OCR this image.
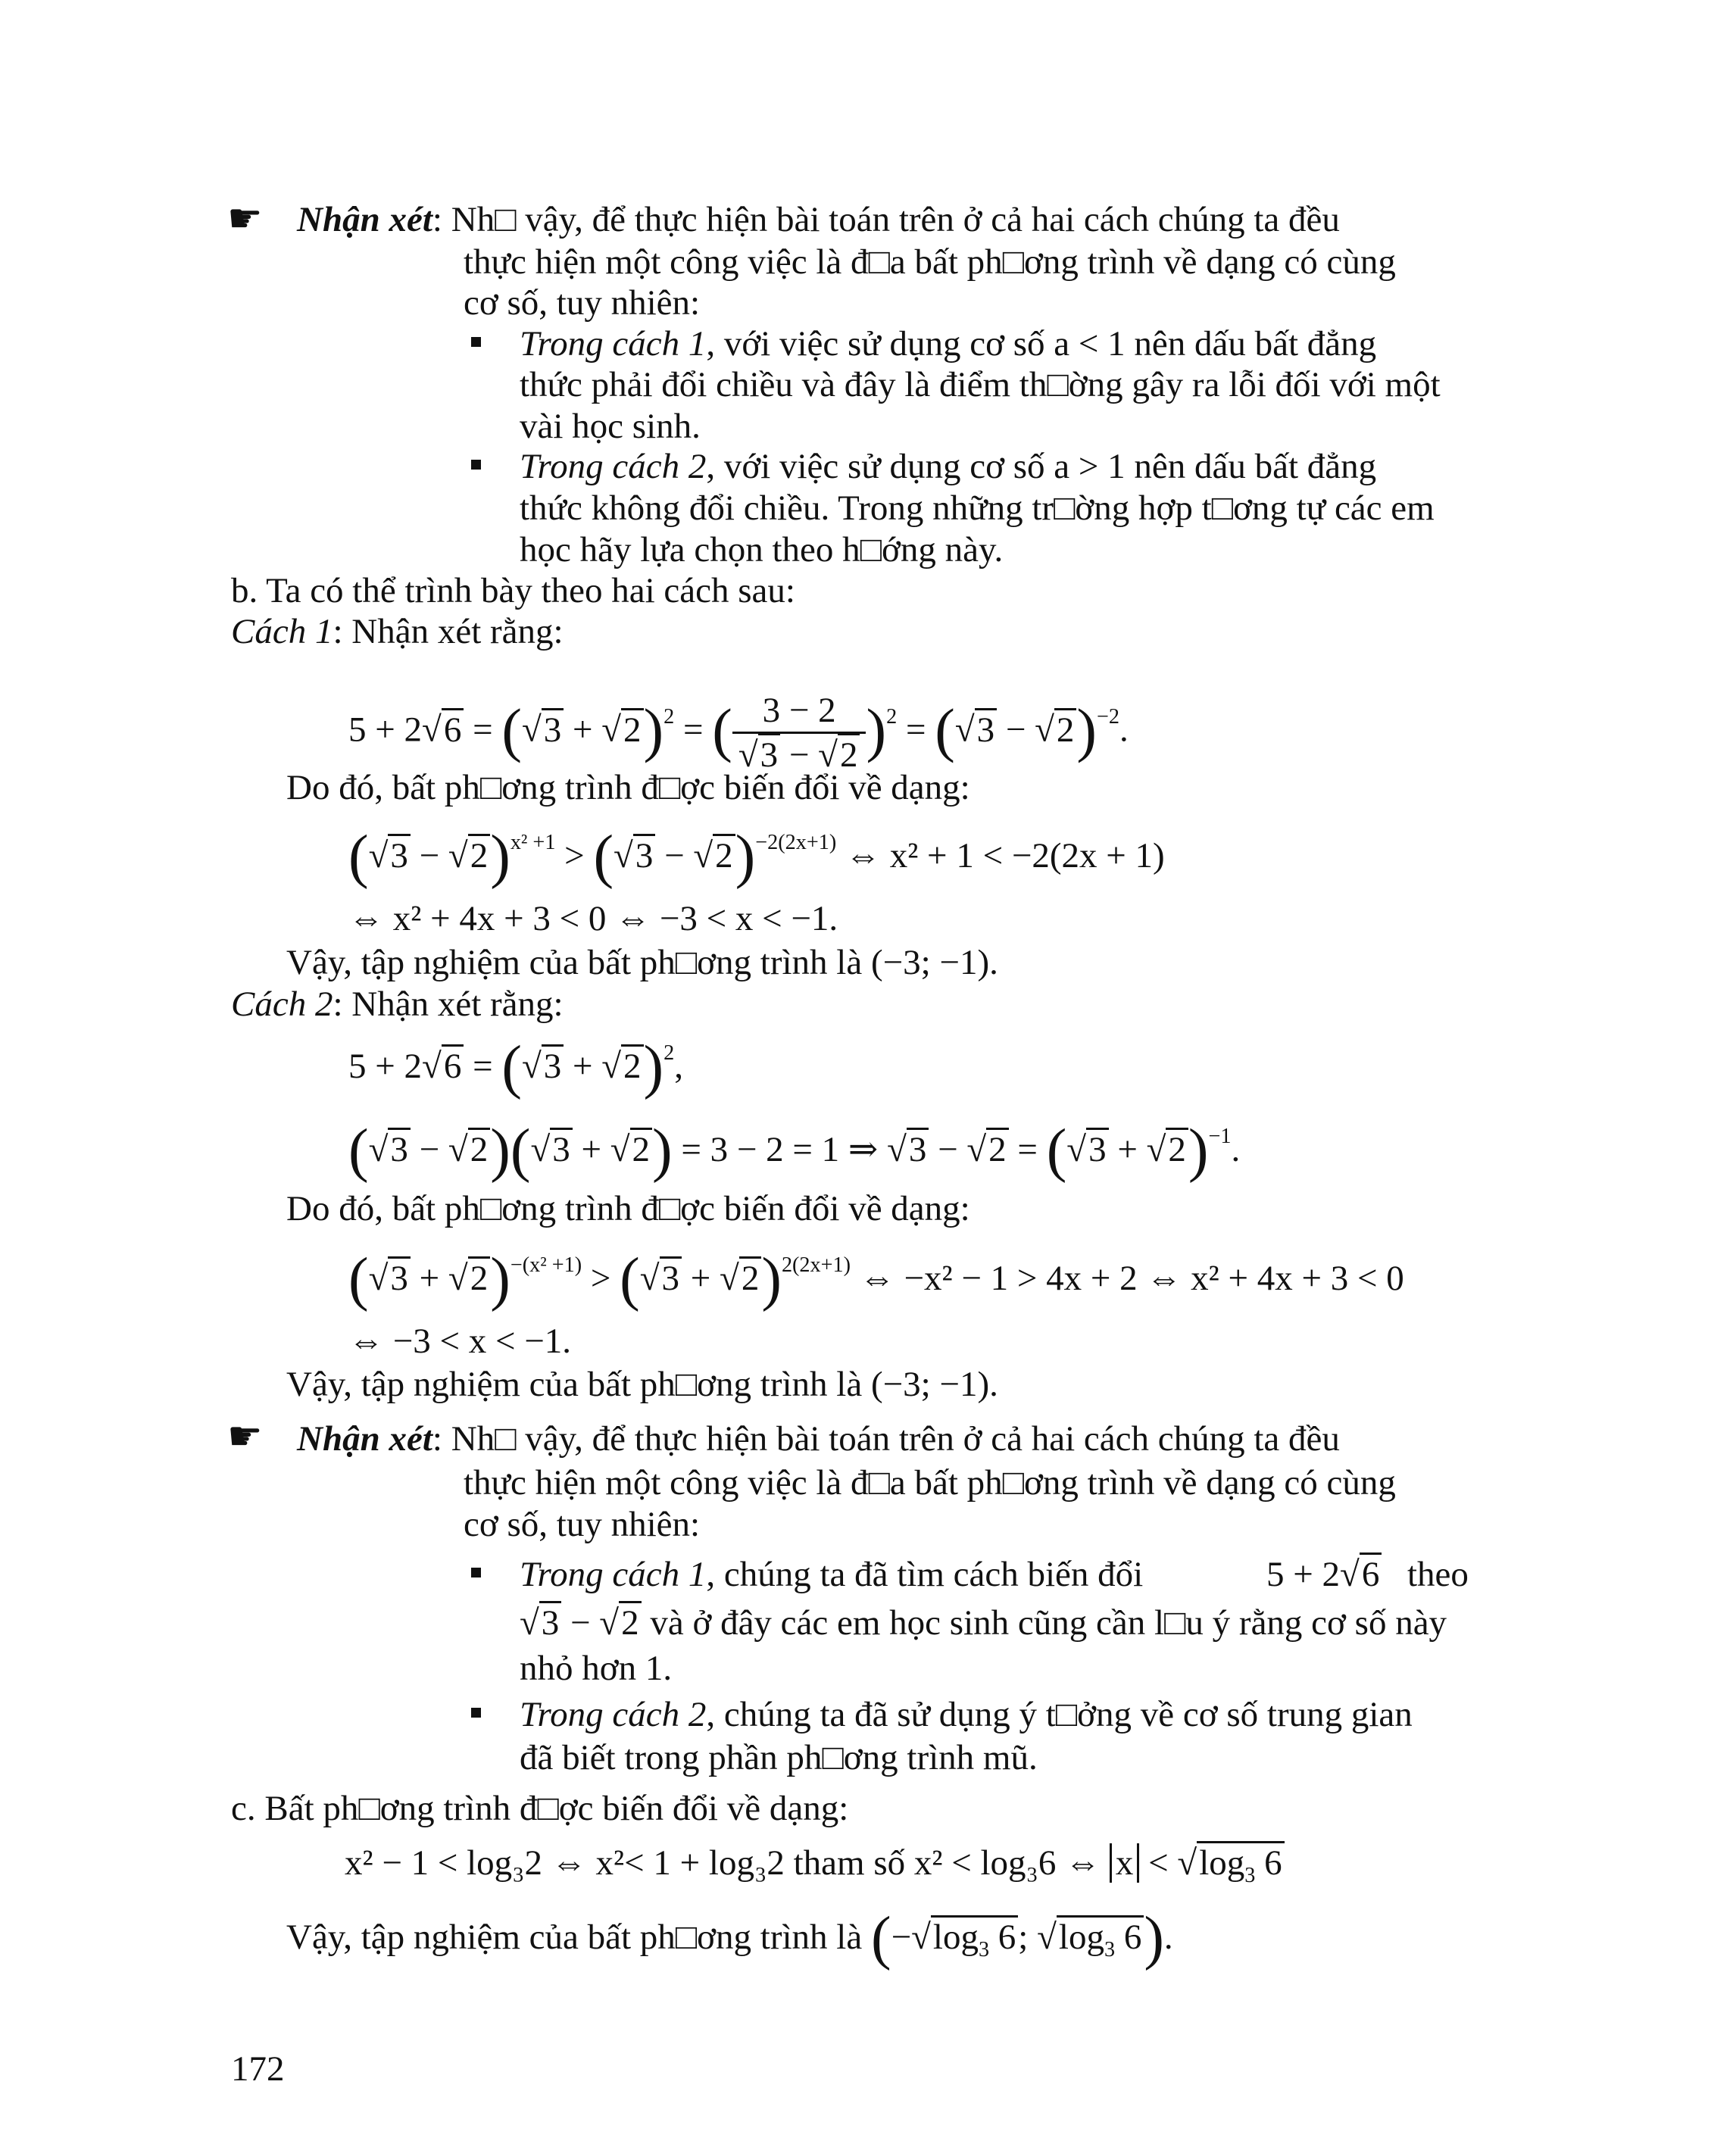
☛ Nhận xét: Nh□ vậy, để thực hiện bài toán trên ở cả hai cách chúng ta đều
thực hiện một công việc là đ□a bất ph□ơng trình về dạng có cùng
cơ số, tuy nhiên:
Trong cách 1, với việc sử dụng cơ số a < 1 nên dấu bất đẳng
thức phải đổi chiều và đây là điểm th□ờng gây ra lỗi đối với một
vài học sinh.
Trong cách 2, với việc sử dụng cơ số a > 1 nên dấu bất đẳng
thức không đổi chiều. Trong những tr□ờng hợp t□ơng tự các em
học hãy lựa chọn theo h□ớng này.
b. Ta có thể trình bày theo hai cách sau:
Cách 1: Nhận xét rằng:
$5 + 2√6 = (√3 + √2)^2$ = ( $\frac{3 - 2}{√3 - √2} )^2 = (√3 - √2)^{-2}$.
Do đó, bất ph□ơng trình đ□ợc biến đổi về dạng:
$(√3 - √2)^{x^2 +1} > (√3 - √2)^{-2(2x+1)}$ ⇔ x² + 1 < −2(2x + 1)
⇔ x² + 4x + 3 < 0 ⇔ −3 < x < −1.
Vậy, tập nghiệm của bất ph□ơng trình là (−3; −1).
Cách 2: Nhận xét rằng:
$5 + 2√6 = (√3 + √2)^2$,
(√3 − √2)(√3 + √2) = 3 − 2 = 1 ⇒ $√3 - √2 = (√3 + √2)^{-1}$.
Do đó, bất ph□ơng trình đ□ợc biến đổi về dạng:
$(√3 + √2)^{-(x^2 +1)} > (√3 + √2)^{2(2x+1)}$ ⇔ −x² − 1 > 4x + 2 ⇔ x² + 4x + 3 < 0
⇔ −3 < x < −1.
Vậy, tập nghiệm của bất ph□ơng trình là (−3; −1).
☛ Nhận xét: Nh□ vậy, để thực hiện bài toán trên ở cả hai cách chúng ta đều
thực hiện một công việc là đ□a bất ph□ơng trình về dạng có cùng
cơ số, tuy nhiên:
Trong cách 1, chúng ta đã tìm cách biến đổi	5 + 2√6 theo
√3 − √2 và ở đây các em học sinh cũng cần l□u ý rằng cơ số này
nhỏ hơn 1.
Trong cách 2, chúng ta đã sử dụng ý t□ởng về cơ số trung gian
đã biết trong phần ph□ơng trình mũ.
c. Bất ph□ơng trình đ□ợc biến đổi về dạng:
x² − 1 < log₃2 ⇔ x²< 1 + log₃2 tham số x² < log₃6 ⇔ $x < √\log_3$ 6
Vậy, tập nghiệm của bất ph□ơng trình là ($-√\log_3$ 6; $√\log_3$ 6).
172
